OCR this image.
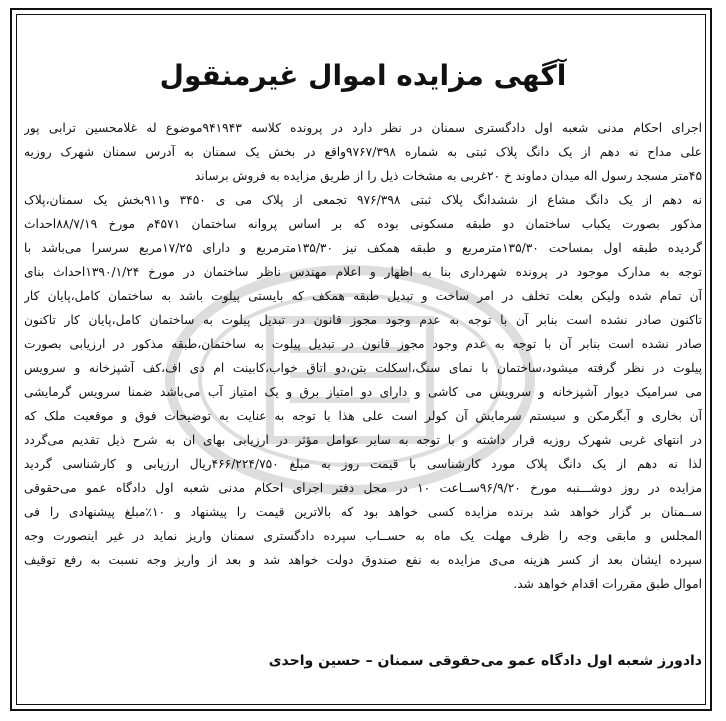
آگهی مزایده اموال غیرمنقول
اجرای احکام مدنی شعبه اول دادگستری سمنان در نظر دارد در پرونده کلاسه ۹۴۱۹۴۳موضوع له غلامحسین ترابی پور
علی مداح نه دهم از یک دانگ پلاک ثبتی به شماره ۹۷۶۷/۳۹۸واقع در بخش یک سمنان به آدرس سمنان شهرک روزیه
۴۵متر مسجد رسول اله میدان دماوند خ ۲۰غربی به مشخات ذیل را از طریق مزایده به فروش برساند
نه دهم از یک دانگ مشاع از ششدانگ پلاک ثبتی ۹۷۶/۳۹۸ تجمعی از پلاک می ی ۳۴۵۰ و۹۱۱بخش یک سمنان،پلاک
مذکور بصورت یکباب ساختمان دو طبقه مسکونی بوده که بر اساس پروانه ساختمان ۴۵۷۱م مورخ ۸۸/۷/۱۹احداث
گردیده طبقه اول بمساحت ۱۳۵/۳۰مترمربع و طبقه همکف نیز ۱۳۵/۳۰مترمربع و دارای ۱۷/۲۵مربع سرسرا می‌باشد با
توجه به مدارک موجود در پرونده شهرداری بنا به اظهار و اعلام مهندس ناظر ساختمان در مورخ ۱۳۹۰/۱/۲۴احداث بنای
آن تمام شده ولیکن بعلت تخلف در امر ساخت و تبدیل طبقه همکف که بایستی پیلوت باشد به ساختمان کامل،پایان کار
تاکنون صادر نشده است بنابر آن با توجه به عدم وجود مجوز قانون در تبدیل پیلوت به ساختمان کامل،پایان کار تاکنون
صادر نشده است بنابر آن با توجه به عدم وجود مجوز قانون در تبدیل پیلوت به ساختمان،طبقه مذکور در ارزیابی بصورت
پیلوت در نظر گرفته میشود،ساختمان با نمای سنگ،اسکلت بتن،دو اتاق خواب،کابینت ام دی اف،کف آشپزخانه و سرویس
می سرامیک دیوار آشپزخانه و سرویس می کاشی و دارای دو امتیاز برق و یک امتیاز آب می‌باشد ضمنا سرویس گرمایشی
آن بخاری و آبگرمکن و سیستم سرمایش آن کولر است علی هذا با توجه به عنایت به توضیحات فوق و موقعیت ملک که
در انتهای غربی شهرک روزیه قرار داشته و با توجه به سایر عوامل مؤثر در ارزیابی بهای ان به شرح ذیل تقدیم می‌گردد
لذا نه دهم از یک دانگ پلاک مورد کارشناسی با قیمت روز به مبلغ ۴۶۶/۲۲۴/۷۵۰ریال ارزیابی و کارشناسی گردید
مزایده در روز دوشـــنبه مورخ ۹۶/۹/۲۰ســاعت ۱۰ در محل دفتر اجرای احکام مدنی شعبه اول دادگاه عمو می‌حقوقی
ســمنان بر گزار خواهد شد برنده مزایده کسی خواهد بود که بالاترین قیمت را پیشنهاد و ۱۰٪مبلغ پیشنهادی را فی
المجلس و مابقی وجه را ظرف مهلت یک ماه به حســاب سپرده دادگستری سمنان واریز نماید در غیر اینصورت وجه
سپرده ایشان بعد از کسر هزینه می‌ی مزایده به نفع صندوق دولت خواهد شد و بعد از واریز وجه نسبت به رفع توقیف
اموال طبق مقررات اقدام خواهد شد.

دادورز شعبه اول دادگاه عمو می‌حقوقی سمنان – حسین واحدی
